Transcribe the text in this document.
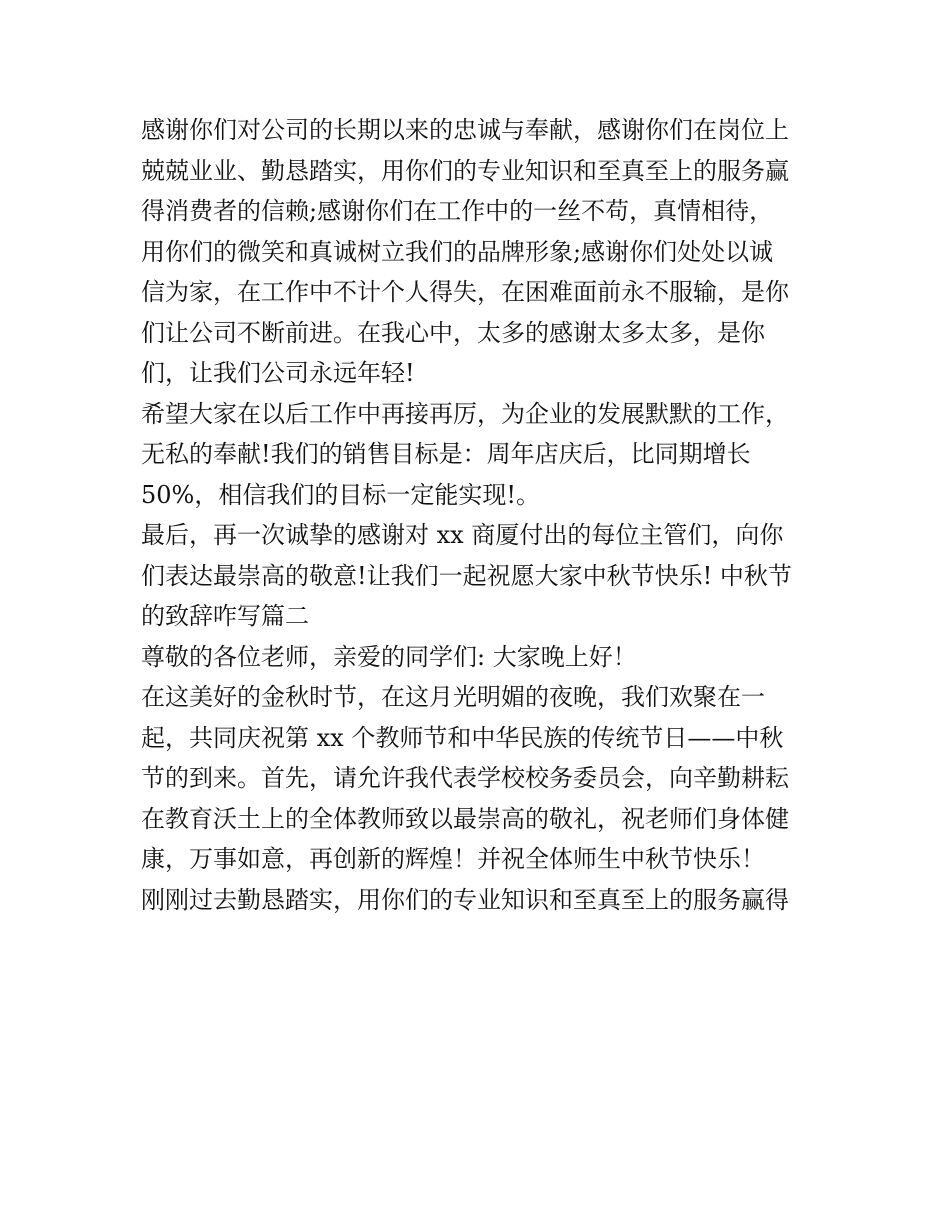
感谢你们对公司的长期以来的忠诚与奉献，感谢你们在岗位上
兢兢业业、勤恳踏实，用你们的专业知识和至真至上的服务赢
得消费者的信赖;感谢你们在工作中的一丝不苟，真情相待，
用你们的微笑和真诚树立我们的品牌形象;感谢你们处处以诚
信为家，在工作中不计个人得失，在困难面前永不服输，是你
们让公司不断前进。在我心中，太多的感谢太多太多，是你
们，让我们公司永远年轻!
希望大家在以后工作中再接再厉，为企业的发展默默的工作，
无私的奉献!我们的销售目标是：周年店庆后，比同期增长
50%，相信我们的目标一定能实现!。
最后，再一次诚挚的感谢对 xx 商厦付出的每位主管们，向你
们表达最崇高的敬意!让我们一起祝愿大家中秋节快乐! 中秋节
的致辞咋写篇二
尊敬的各位老师，亲爱的同学们: 大家晚上好！
在这美好的金秋时节，在这月光明媚的夜晚，我们欢聚在一
起，共同庆祝第 xx 个教师节和中华民族的传统节日——中秋
节的到来。首先，请允许我代表学校校务委员会，向辛勤耕耘
在教育沃土上的全体教师致以最崇高的敬礼，祝老师们身体健
康，万事如意，再创新的辉煌！并祝全体师生中秋节快乐！
刚刚过去勤恳踏实，用你们的专业知识和至真至上的服务赢得
